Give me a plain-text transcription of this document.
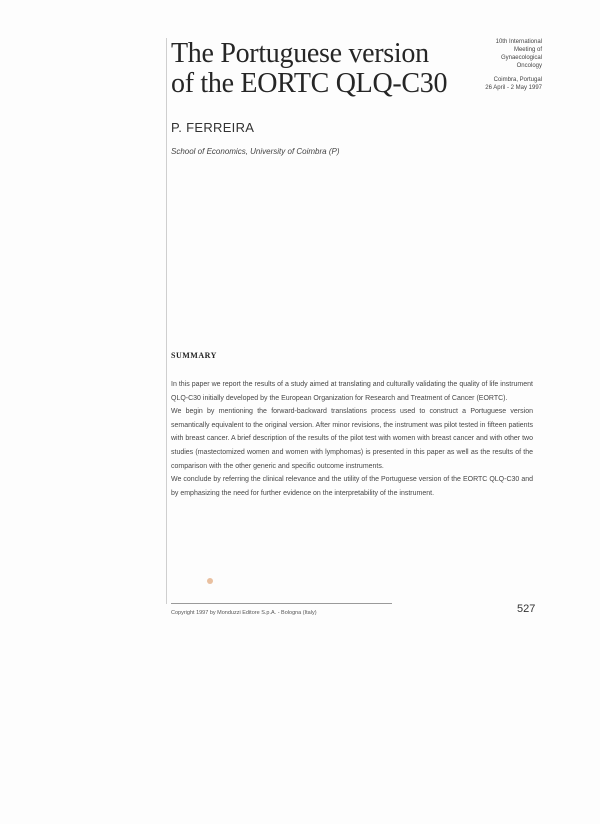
The Portuguese version
of the EORTC QLQ-C30
P. FERREIRA
School of Economics, University of Coimbra (P)
10th International
Meeting of
Gynaecological
Oncology
Coimbra, Portugal
26 April - 2 May 1997
SUMMARY

In this paper we report the results of a study aimed at translating and culturally validating the quality of life instrument QLQ-C30 initially developed by the European Organization for Research and Treatment of Cancer (EORTC).

We begin by mentioning the forward-backward translations process used to construct a Portuguese version semantically equivalent to the original version. After minor revisions, the instrument was pilot tested in fifteen patients with breast cancer. A brief description of the results of the pilot test with women with breast cancer and with other two studies (mastectomized women and women with lymphomas) is presented in this paper as well as the results of the comparison with the other generic and specific outcome instruments.

We conclude by referring the clinical relevance and the utility of the Portuguese version of the EORTC QLQ-C30 and by emphasizing the need for further evidence on the interpretability of the instrument.

Copyright 1997 by Monduzzi Editore S.p.A. - Bologna (Italy)	527
